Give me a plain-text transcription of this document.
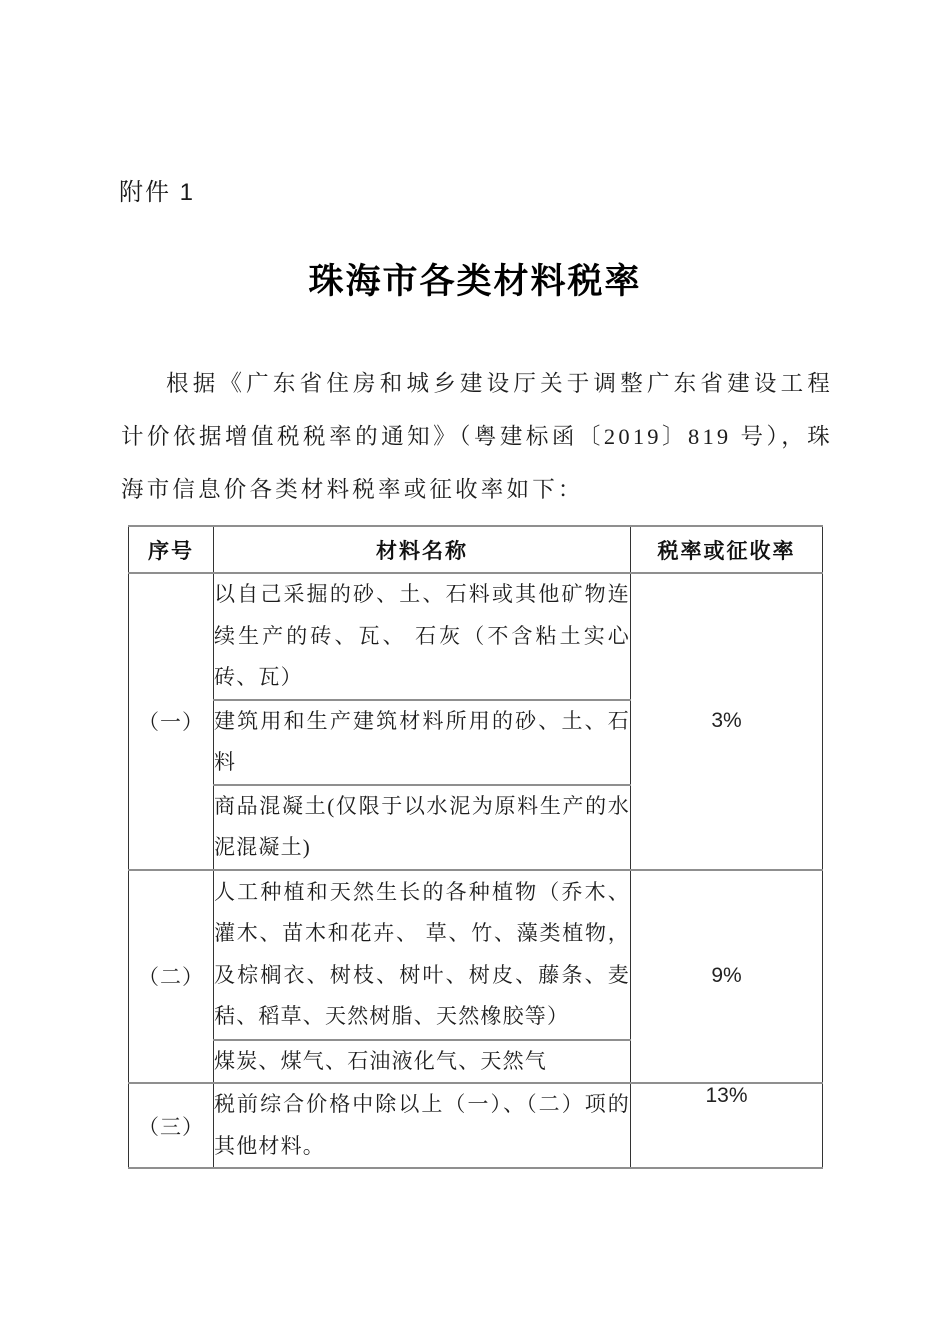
附件 1
珠海市各类材料税率

根据《广东省住房和城乡建设厅关于调整广东省建设工程计价依据增值税税率的通知》（粤建标函〔2019〕819 号），珠海市信息价各类材料税率或征收率如下：

序号	材料名称	税率或征收率
（一）	以自己采掘的砂、土、石料或其他矿物连续生产的砖、瓦、 石灰（不含粘土实心砖、瓦）	3%
	建筑用和生产建筑材料所用的砂、土、石料	
	商品混凝土(仅限于以水泥为原料生产的水泥混凝土)	
（二）	人工种植和天然生长的各种植物（乔木、灌木、苗木和花卉、 草、竹、藻类植物，及棕榈衣、树枝、树叶、树皮、藤条、麦秸、稻草、天然树脂、天然橡胶等）	9%
	煤炭、煤气、石油液化气、天然气	
（三）	税前综合价格中除以上（一）、（二）项的其他材料。	13%
